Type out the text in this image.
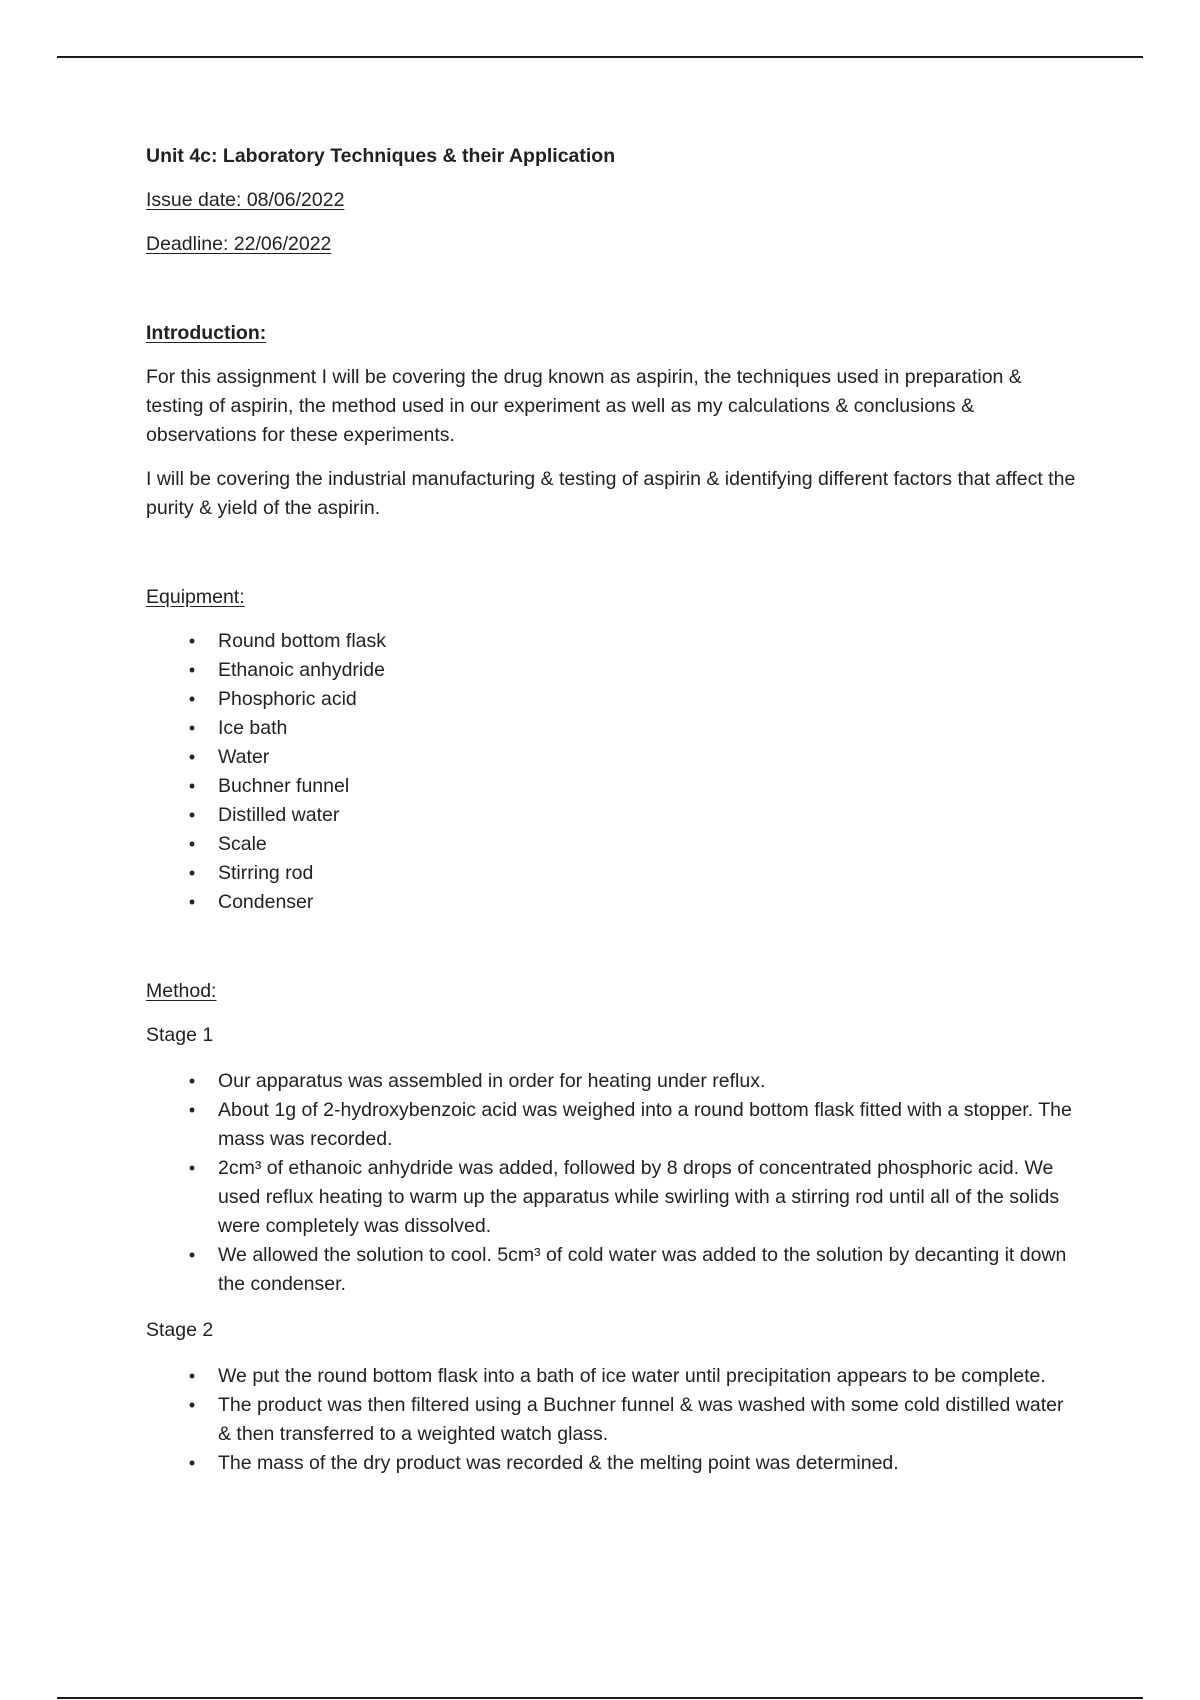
Unit 4c: Laboratory Techniques & their Application

Issue date: 08/06/2022

Deadline: 22/06/2022

Introduction:

For this assignment I will be covering the drug known as aspirin, the techniques used in preparation & testing of aspirin, the method used in our experiment as well as my calculations & conclusions & observations for these experiments.

I will be covering the industrial manufacturing & testing of aspirin & identifying different factors that affect the purity & yield of the aspirin.

Equipment:

•	Round bottom flask
•	Ethanoic anhydride
•	Phosphoric acid
•	Ice bath
•	Water
•	Buchner funnel
•	Distilled water
•	Scale
•	Stirring rod
•	Condenser

Method:

Stage 1

•	Our apparatus was assembled in order for heating under reflux.
•	About 1g of 2-hydroxybenzoic acid was weighed into a round bottom flask fitted with a stopper. The mass was recorded.
•	2cm³ of ethanoic anhydride was added, followed by 8 drops of concentrated phosphoric acid. We used reflux heating to warm up the apparatus while swirling with a stirring rod until all of the solids were completely was dissolved.
•	We allowed the solution to cool. 5cm³ of cold water was added to the solution by decanting it down the condenser.

Stage 2

•	We put the round bottom flask into a bath of ice water until precipitation appears to be complete.
•	The product was then filtered using a Buchner funnel & was washed with some cold distilled water & then transferred to a weighted watch glass.
•	The mass of the dry product was recorded & the melting point was determined.
